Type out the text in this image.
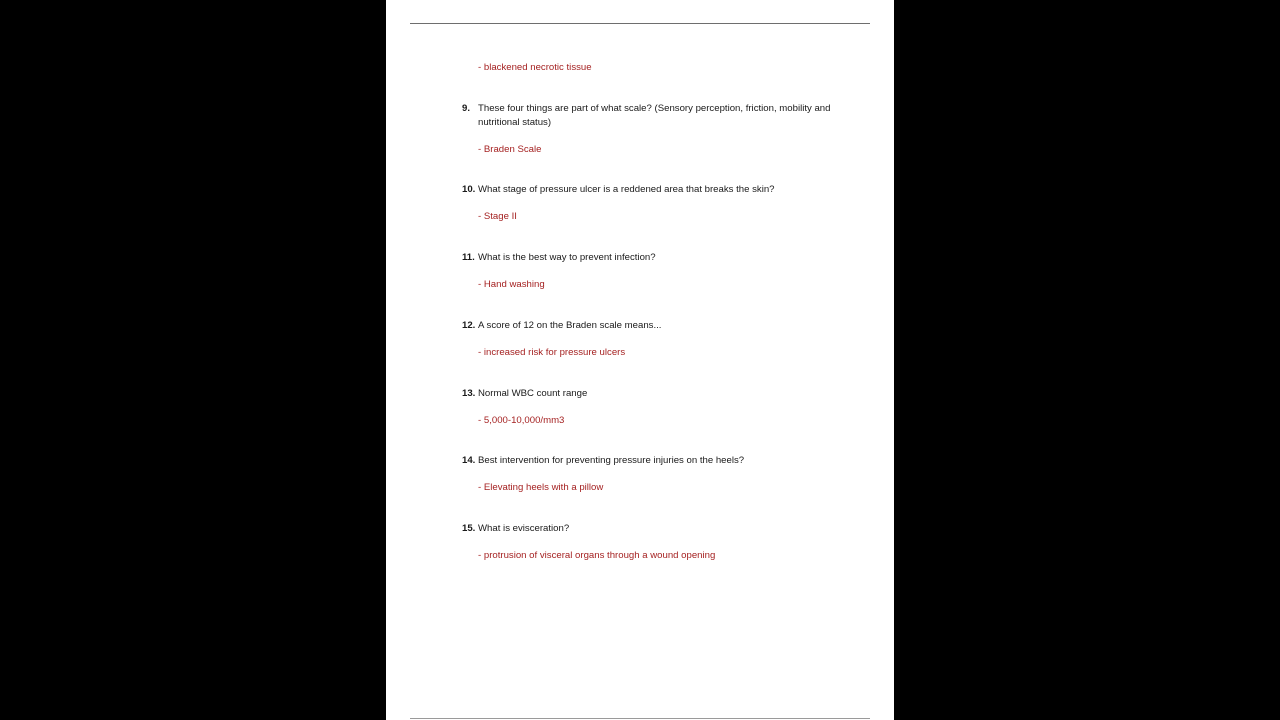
- blackened necrotic tissue
9. These four things are part of what scale? (Sensory perception, friction, mobility and nutritional status)
- Braden Scale
10. What stage of pressure ulcer is a reddened area that breaks the skin?
- Stage II
11. What is the best way to prevent infection?
- Hand washing
12. A score of 12 on the Braden scale means...
- increased risk for pressure ulcers
13. Normal WBC count range
- 5,000-10,000/mm3
14. Best intervention for preventing pressure injuries on the heels?
- Elevating heels with a pillow
15. What is evisceration?
- protrusion of visceral organs through a wound opening
